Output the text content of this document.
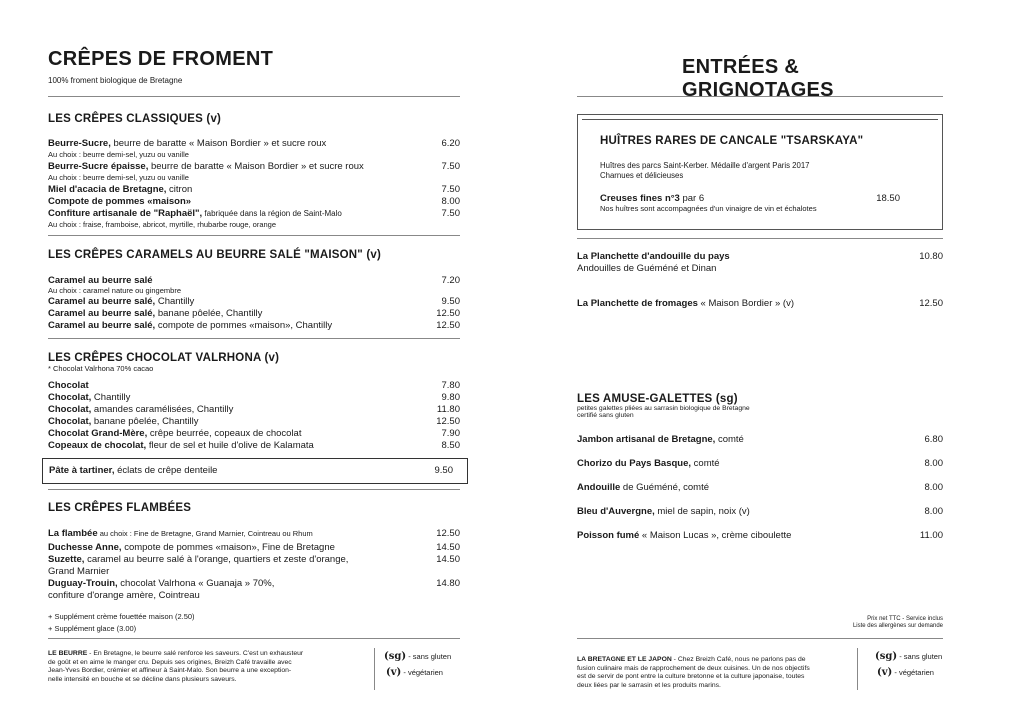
CRÊPES DE FROMENT
100% froment biologique de Bretagne
LES CRÊPES CLASSIQUES (v)
Beurre-Sucre, beurre de baratte « Maison Bordier » et sucre roux	6.20
Au choix : beurre demi-sel, yuzu ou vanille
Beurre-Sucre épaisse, beurre de baratte « Maison Bordier » et sucre roux	7.50
Au choix : beurre demi-sel, yuzu ou vanille
Miel d'acacia de Bretagne, citron	7.50
Compote de pommes «maison»	8.00
Confiture artisanale de "Raphaël", fabriquée dans la région de Saint-Malo	7.50
Au choix : fraise, framboise, abricot, myrtille, rhubarbe rouge, orange
LES CRÊPES CARAMELS AU BEURRE SALÉ "MAISON" (v)
Caramel au beurre salé	7.20
Au choix : caramel nature ou gingembre
Caramel au beurre salé, Chantilly	9.50
Caramel au beurre salé, banane pôelée, Chantilly	12.50
Caramel au beurre salé, compote de pommes «maison», Chantilly	12.50
LES CRÊPES CHOCOLAT VALRHONA (v)
* Chocolat Valrhona 70% cacao
Chocolat	7.80
Chocolat, Chantilly	9.80
Chocolat, amandes caramélisées, Chantilly	11.80
Chocolat, banane pôelée, Chantilly	12.50
Chocolat Grand-Mère, crêpe beurrée, copeaux de chocolat	7.90
Copeaux de chocolat, fleur de sel et huile d'olive de Kalamata	8.50
Pâte à tartiner, éclats de crêpe denteile	9.50
LES CRÊPES FLAMBÉES
La flambée au choix : Fine de Bretagne, Grand Marnier, Cointreau ou Rhum	12.50
Duchesse Anne, compote de pommes «maison», Fine de Bretagne	14.50
Suzette, caramel au beurre salé à l'orange, quartiers et zeste d'orange,	14.50
Grand Marnier
Duguay-Trouin, chocolat Valrhona « Guanaja » 70%,	14.80
confiture d'orange amère, Cointreau
+ Supplément crème fouettée maison (2.50)
+ Supplément glace (3.00)
LE BEURRE - En Bretagne, le beurre salé renforce les saveurs. C'est un exhausteur
de goût et en aime le manger cru. Depuis ses origines, Breizh Café travaille avec
Jean-Yves Bordier, crémier et affineur à Saint-Malo. Son beurre a une exception-
nelle intensité en bouche et se décline dans plusieurs saveurs.
(sg) - sans gluten
(v) - végétarien
ENTRÉES & GRIGNOTAGES
HUÎTRES RARES DE CANCALE "TSARSKAYA"
Huîtres des parcs Saint-Kerber. Médaille d'argent Paris 2017
Charnues et délicieuses
Creuses fines n°3 par 6	18.50
Nos huîtres sont accompagnées d'un vinaigre de vin et échalotes
La Planchette d'andouille du pays	10.80
Andouilles de Guéméné et Dinan
La Planchette de fromages « Maison Bordier » (v)	12.50
LES AMUSE-GALETTES (sg)
petites galettes pliées au sarrasin biologique de Bretagne
certifié sans gluten
Jambon artisanal de Bretagne, comté	6.80
Chorizo du Pays Basque, comté	8.00
Andouille de Guéméné, comté	8.00
Bleu d'Auvergne, miel de sapin, noix (v)	8.00
Poisson fumé « Maison Lucas », crème ciboulette	11.00
Prix net TTC - Service inclus
Liste des allergènes sur demande
LA BRETAGNE ET LE JAPON - Chez Breizh Café, nous ne parlons pas de
fusion culinaire mais de rapprochement de deux cuisines. Un de nos objectifs
est de servir de pont entre la culture bretonne et la culture japonaise, toutes
deux liées par le sarrasin et les produits marins.
(sg) - sans gluten
(v) - végétarien
